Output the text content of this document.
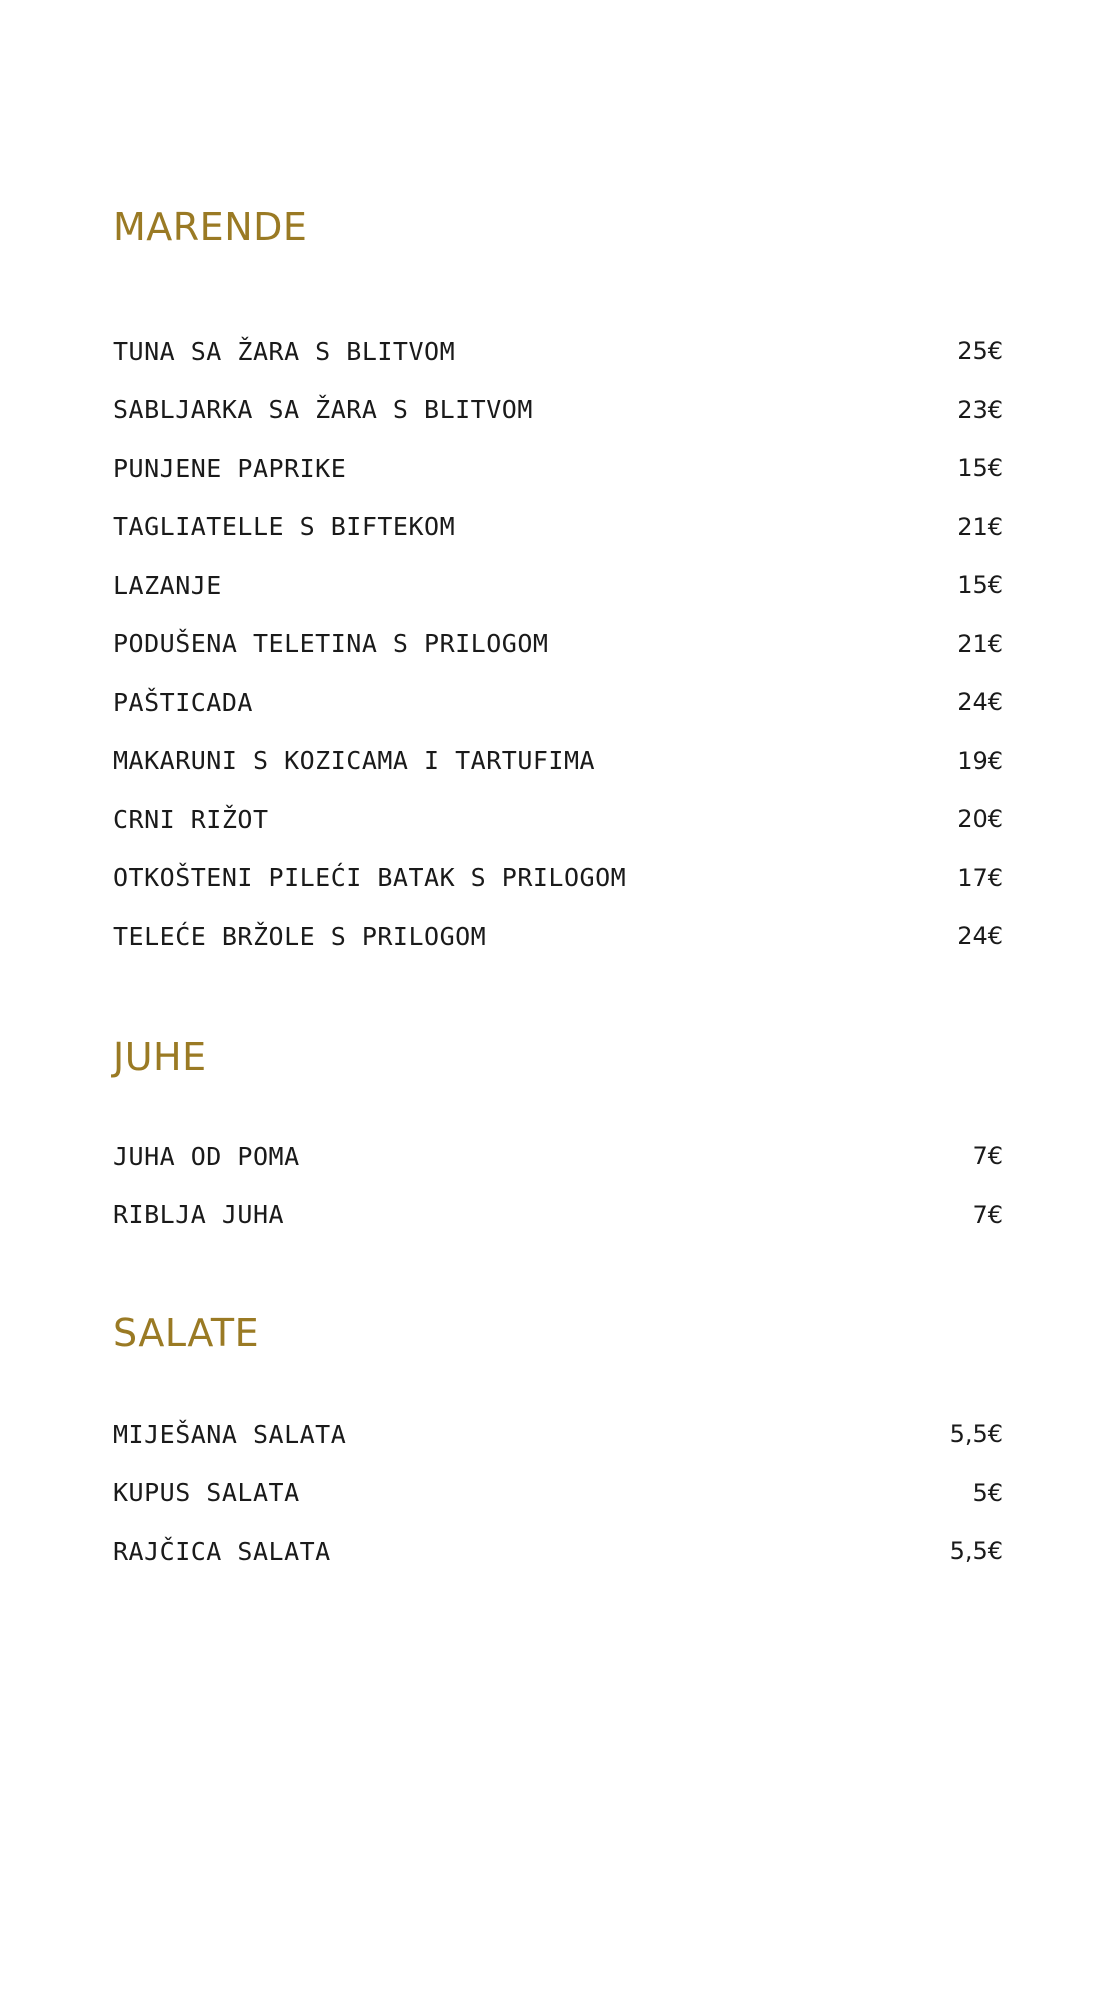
MARENDE
TUNA SA ŽARA S BLITVOM	25€
SABLJARKA SA ŽARA S BLITVOM	23€
PUNJENE PAPRIKE	15€
TAGLIATELLE S BIFTEKOM	21€
LAZANJE	15€
PODUŠENA TELETINA S PRILOGOM	21€
PAŠTICADA	24€
MAKARUNI S KOZICAMA I TARTUFIMA	19€
CRNI RIŽOT	20€
OTKOŠTENI PILEĆI BATAK S PRILOGOM	17€
TELEĆE BRŽOLE S PRILOGOM	24€
JUHE
JUHA OD POMA	7€
RIBLJA JUHA	7€
SALATE
MIJEŠANA SALATA	5,5€
KUPUS SALATA	5€
RAJČICA SALATA	5,5€
